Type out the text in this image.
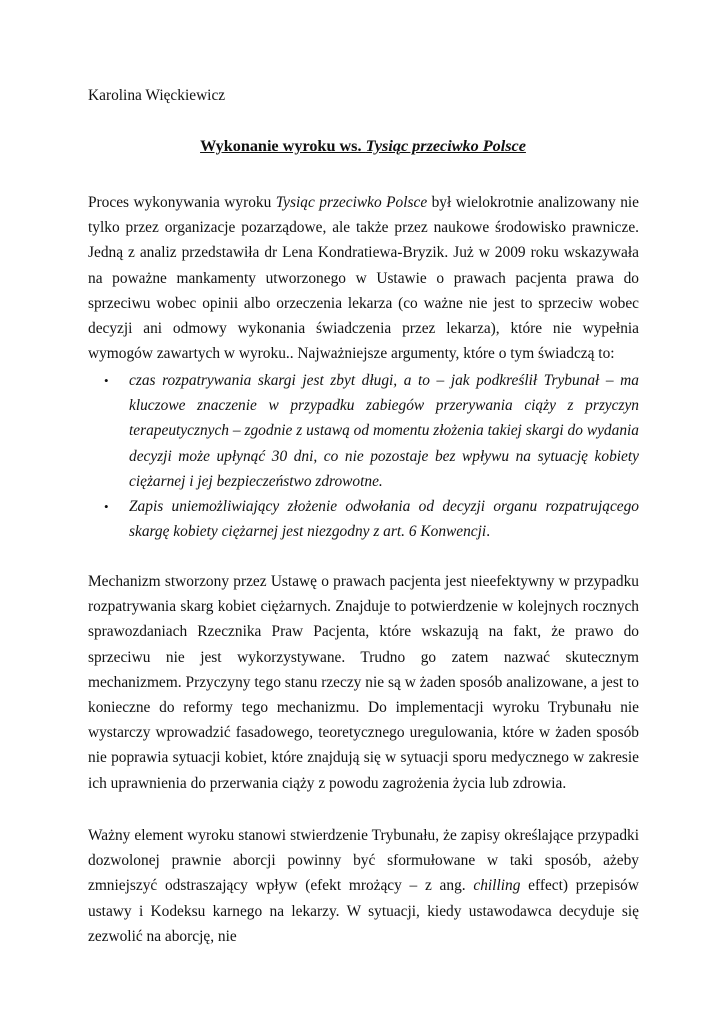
Karolina Więckiewicz
Wykonanie wyroku ws. Tysiąc przeciwko Polsce

Proces wykonywania wyroku Tysiąc przeciwko Polsce był wielokrotnie analizowany nie tylko przez organizacje pozarządowe, ale także przez naukowe środowisko prawnicze. Jedną z analiz przedstawiła dr Lena Kondratiewa-Bryzik. Już w 2009 roku wskazywała na poważne mankamenty utworzonego w Ustawie o prawach pacjenta prawa do sprzeciwu wobec opinii albo orzeczenia lekarza (co ważne nie jest to sprzeciw wobec decyzji ani odmowy wykonania świadczenia przez lekarza), które nie wypełnia wymogów zawartych w wyroku.. Najważniejsze argumenty, które o tym świadczą to:

• czas rozpatrywania skargi jest zbyt długi, a to – jak podkreślił Trybunał – ma kluczowe znaczenie w przypadku zabiegów przerywania ciąży z przyczyn terapeutycznych – zgodnie z ustawą od momentu złożenia takiej skargi do wydania decyzji może upłynąć 30 dni, co nie pozostaje bez wpływu na sytuację kobiety ciężarnej i jej bezpieczeństwo zdrowotne.
• Zapis uniemożliwiający złożenie odwołania od decyzji organu rozpatrującego skargę kobiety ciężarnej jest niezgodny z art. 6 Konwencji.

Mechanizm stworzony przez Ustawę o prawach pacjenta jest nieefektywny w przypadku rozpatrywania skarg kobiet ciężarnych. Znajduje to potwierdzenie w kolejnych rocznych sprawozdaniach Rzecznika Praw Pacjenta, które wskazują na fakt, że prawo do sprzeciwu nie jest wykorzystywane. Trudno go zatem nazwać skutecznym mechanizmem. Przyczyny tego stanu rzeczy nie są w żaden sposób analizowane, a jest to konieczne do reformy tego mechanizmu. Do implementacji wyroku Trybunału nie wystarczy wprowadzić fasadowego, teoretycznego uregulowania, które w żaden sposób nie poprawia sytuacji kobiet, które znajdują się w sytuacji sporu medycznego w zakresie ich uprawnienia do przerwania ciąży z powodu zagrożenia życia lub zdrowia.

Ważny element wyroku stanowi stwierdzenie Trybunału, że zapisy określające przypadki dozwolonej prawnie aborcji powinny być sformułowane w taki sposób, ażeby zmniejszyć odstraszający wpływ (efekt mrożący – z ang. chilling effect) przepisów ustawy i Kodeksu karnego na lekarzy. W sytuacji, kiedy ustawodawca decyduje się zezwolić na aborcję, nie
